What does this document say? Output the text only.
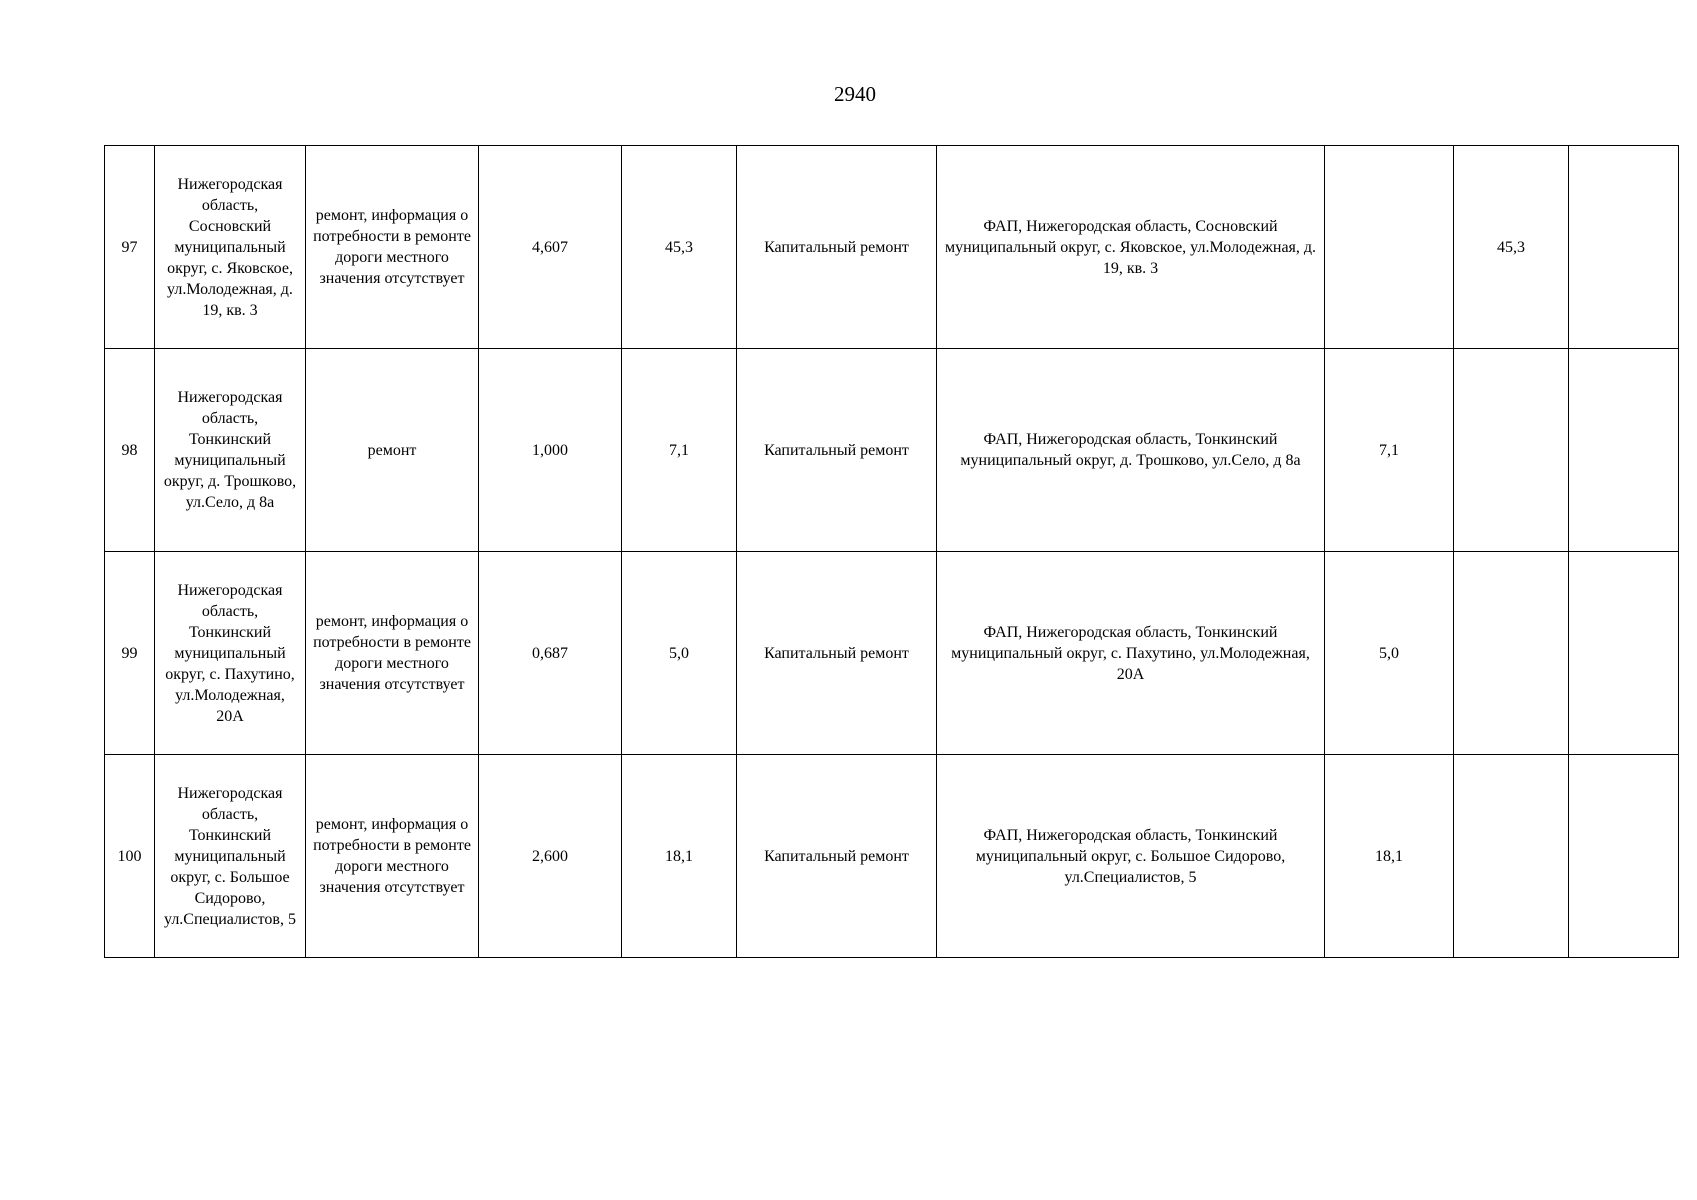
2940
97	Нижегородская область, Сосновский муниципальный округ, с. Яковское, ул.Молодежная, д. 19, кв. 3	ремонт, информация о потребности в ремонте дороги местного значения отсутствует	4,607	45,3	Капитальный ремонт	ФАП, Нижегородская область, Сосновский муниципальный округ, с. Яковское, ул.Молодежная, д. 19, кв. 3		45,3	
98	Нижегородская область, Тонкинский муниципальный округ, д. Трошково, ул.Село, д 8а	ремонт	1,000	7,1	Капитальный ремонт	ФАП, Нижегородская область, Тонкинский муниципальный округ, д. Трошково, ул.Село, д 8а	7,1		
99	Нижегородская область, Тонкинский муниципальный округ, с. Пахутино, ул.Молодежная, 20А	ремонт, информация о потребности в ремонте дороги местного значения отсутствует	0,687	5,0	Капитальный ремонт	ФАП, Нижегородская область, Тонкинский муниципальный округ, с. Пахутино, ул.Молодежная, 20А	5,0		
100	Нижегородская область, Тонкинский муниципальный округ, с. Большое Сидорово, ул.Специалистов, 5	ремонт, информация о потребности в ремонте дороги местного значения отсутствует	2,600	18,1	Капитальный ремонт	ФАП, Нижегородская область, Тонкинский муниципальный округ, с. Большое Сидорово, ул.Специалистов, 5	18,1		
